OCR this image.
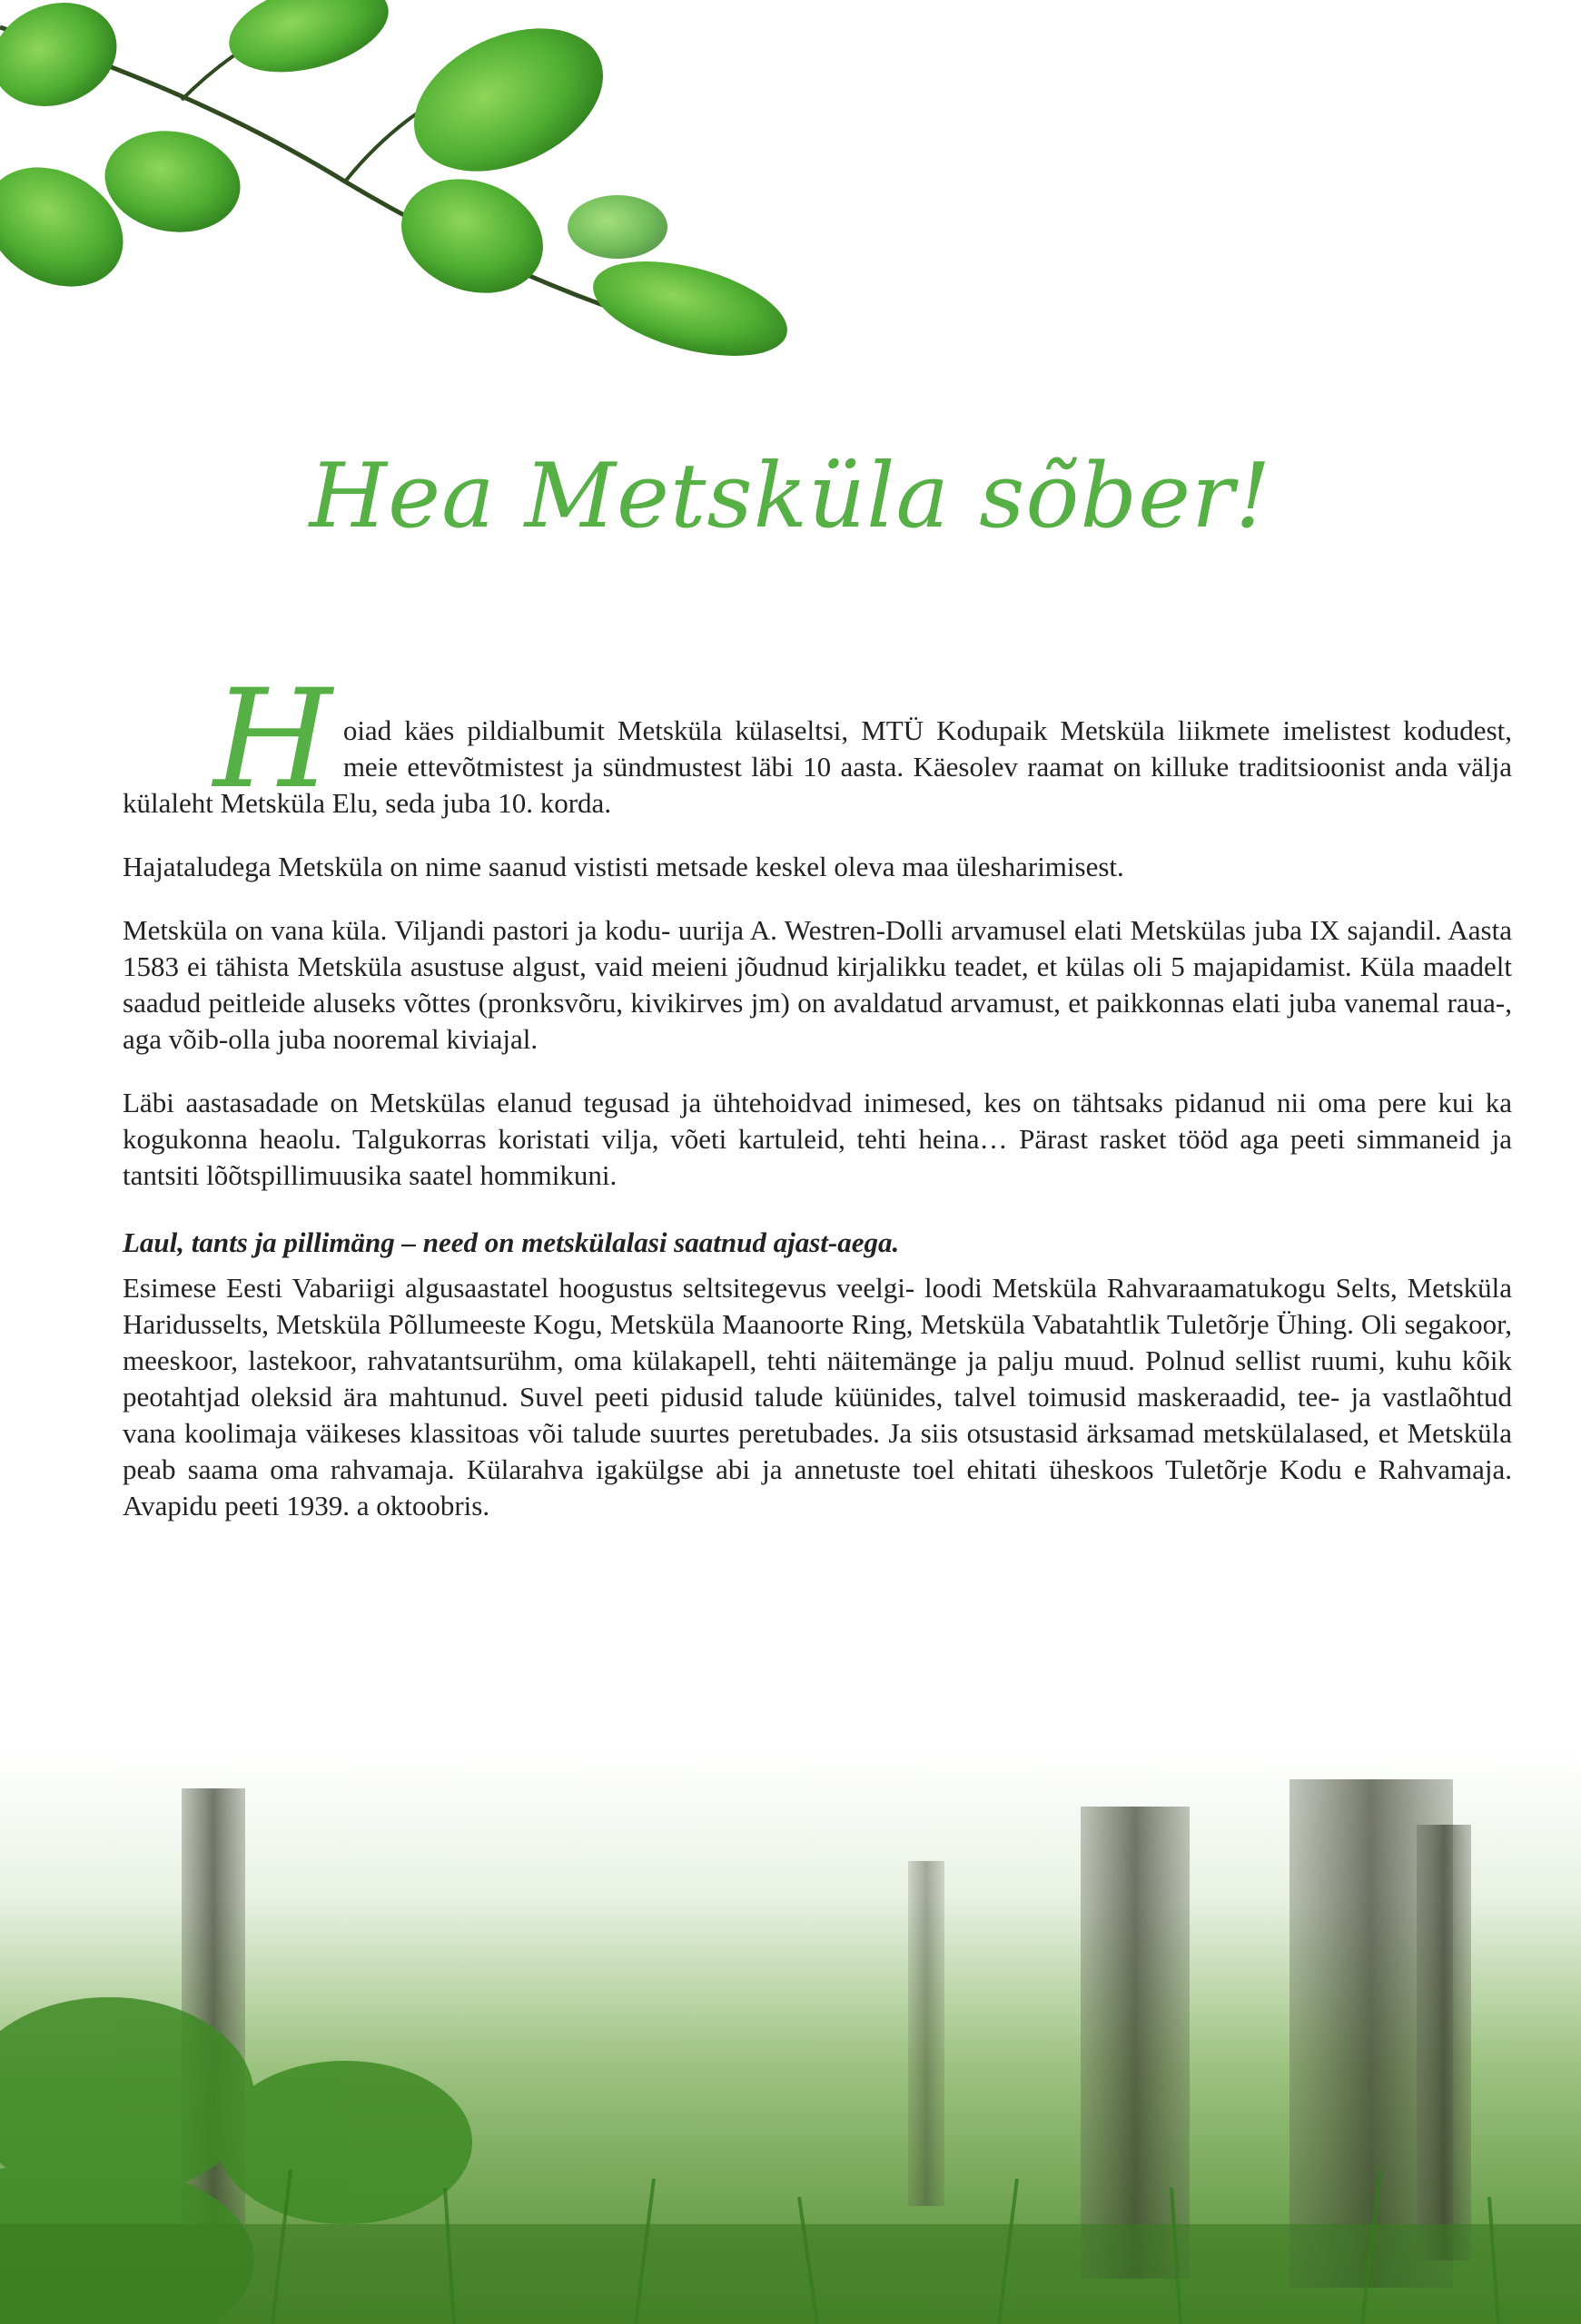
Hea Metsküla sõber!

H oiad käes pildialbumit Metsküla külaseltsi, MTÜ Kodupaik Metsküla liikmete imelistest kodudest, meie ettevõtmistest ja sündmustest läbi 10 aasta. Käesolev raamat on killuke traditsioonist anda välja külaleht Metsküla Elu, seda juba 10. korda.

Hajataludega Metsküla on nime saanud vististi metsade keskel oleva maa ülesharimisest.

Metsküla on vana küla. Viljandi pastori ja kodu- uurija A. Westren-Dolli arvamusel elati Metskülas juba IX sajandil. Aasta 1583 ei tähista Metsküla asustuse algust, vaid meieni jõudnud kirjalikku teadet, et külas oli 5 majapidamist. Küla maadelt saadud peitleide aluseks võttes (pronksvõru, kivikirves jm) on avaldatud arvamust, et paikkonnas elati juba vanemal raua-, aga võib-olla juba nooremal kiviajal.

Läbi aastasadade on Metskülas elanud tegusad ja ühtehoidvad inimesed, kes on tähtsaks pidanud nii oma pere kui ka kogukonna heaolu. Talgukorras koristati vilja, võeti kartuleid, tehti heina… Pärast rasket tööd aga peeti simmaneid ja tantsiti lõõtspillimuusika saatel hommikuni.

Laul, tants ja pillimäng – need on metskülalasi saatnud ajast-aega.

Esimese Eesti Vabariigi algusaastatel hoogustus seltsitegevus veelgi- loodi Metsküla Rahvaraamatukogu Selts, Metsküla Haridusselts, Metsküla Põllumeeste Kogu, Metsküla Maanoorte Ring, Metsküla Vabatahtlik Tuletõrje Ühing. Oli segakoor, meeskoor, lastekoor, rahvatantsurühm, oma külakapell, tehti näitemänge ja palju muud. Polnud sellist ruumi, kuhu kõik peotahtjad oleksid ära mahtunud. Suvel peeti pidusid talude küünides, talvel toimusid maskeraadid, tee- ja vastlaõhtud vana koolimaja väikeses klassitoas või talude suurtes peretubades. Ja siis otsustasid ärksamad metskülalased, et Metsküla peab saama oma rahvamaja. Külarahva igakülgse abi ja annetuste toel ehitati üheskoos Tuletõrje Kodu e Rahvamaja. Avapidu peeti 1939. a oktoobris.
